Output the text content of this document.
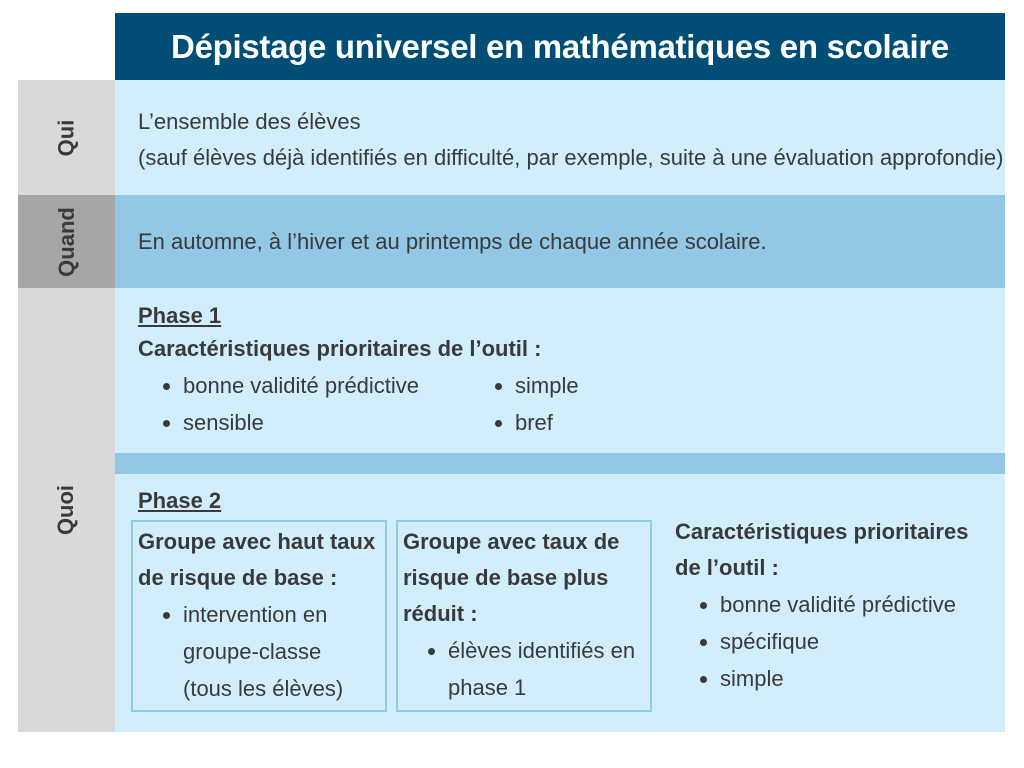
Dépistage universel en mathématiques en scolaire
Qui
Quand
Quoi
L’ensemble des élèves
(sauf élèves déjà identifiés en difficulté, par exemple, suite à une évaluation approfondie)
En automne, à l’hiver et au printemps de chaque année scolaire.
Phase 1
Caractéristiques prioritaires de l’outil :
bonne validité prédictive
sensible
simple
bref
Phase 2
Groupe avec haut taux
de risque de base :
intervention en
groupe-classe
(tous les élèves)
Groupe avec taux de
risque de base plus
réduit :
élèves identifiés en
phase 1
Caractéristiques prioritaires
de l’outil :
bonne validité prédictive
spécifique
simple
